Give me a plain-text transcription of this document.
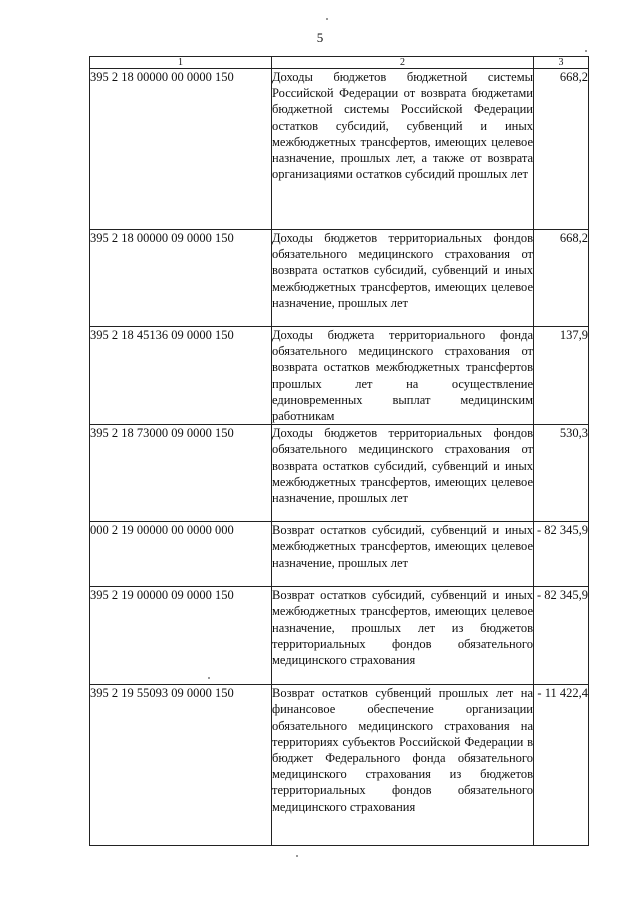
5
1	2	3
395 2 18 00000 00 0000 150	Доходы бюджетов бюджетной системы Российской Федерации от возврата бюджетами бюджетной системы Российской Федерации остатков субсидий, субвенций и иных межбюджетных трансфертов, имеющих целевое назначение, прошлых лет, а также от возврата организациями остатков субсидий прошлых лет	668,2
395 2 18 00000 09 0000 150	Доходы бюджетов территориальных фондов обязательного медицинского страхования от возврата остатков субсидий, субвенций и иных межбюджетных трансфертов, имеющих целевое назначение, прошлых лет	668,2
395 2 18 45136 09 0000 150	Доходы бюджета территориального фонда обязательного медицинского страхования от возврата остатков межбюджетных трансфертов прошлых лет на осуществление единовременных выплат медицинским работникам	137,9
395 2 18 73000 09 0000 150	Доходы бюджетов территориальных фондов обязательного медицинского страхования от возврата остатков субсидий, субвенций и иных межбюджетных трансфертов, имеющих целевое назначение, прошлых лет	530,3
000 2 19 00000 00 0000 000	Возврат остатков субсидий, субвенций и иных межбюджетных трансфертов, имеющих целевое назначение, прошлых лет	- 82 345,9
395 2 19 00000 09 0000 150	Возврат остатков субсидий, субвенций и иных межбюджетных трансфертов, имеющих целевое назначение, прошлых лет из бюджетов территориальных фондов обязательного медицинского страхования	- 82 345,9
395 2 19 55093 09 0000 150	Возврат остатков субвенций прошлых лет на финансовое обеспечение организации обязательного медицинского страхования на территориях субъектов Российской Федерации в бюджет Федерального фонда обязательного медицинского страхования из бюджетов территориальных фондов обязательного медицинского страхования	- 11 422,4
